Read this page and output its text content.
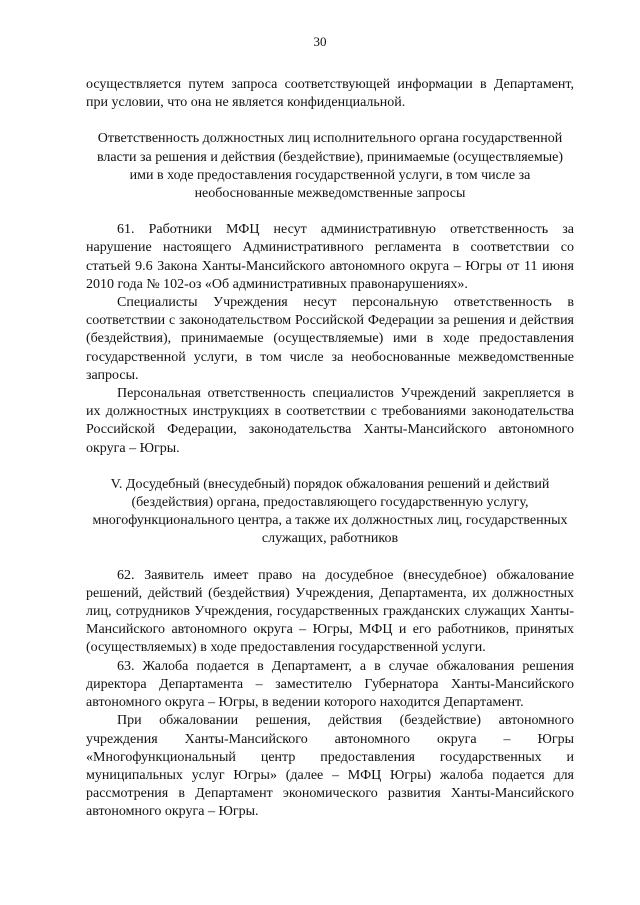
30

осуществляется путем запроса соответствующей информации в Департамент, при условии, что она не является конфиденциальной.

Ответственность должностных лиц исполнительного органа государственной власти за решения и действия (бездействие), принимаемые (осуществляемые) ими в ходе предоставления государственной услуги, в том числе за необоснованные межведомственные запросы

61. Работники МФЦ несут административную ответственность за нарушение настоящего Административного регламента в соответствии со статьей 9.6 Закона Ханты-Мансийского автономного округа – Югры от 11 июня 2010 года № 102-оз «Об административных правонарушениях».

Специалисты Учреждения несут персональную ответственность в соответствии с законодательством Российской Федерации за решения и действия (бездействия), принимаемые (осуществляемые) ими в ходе предоставления государственной услуги, в том числе за необоснованные межведомственные запросы.

Персональная ответственность специалистов Учреждений закрепляется в их должностных инструкциях в соответствии с требованиями законодательства Российской Федерации, законодательства Ханты-Мансийского автономного округа – Югры.

V. Досудебный (внесудебный) порядок обжалования решений и действий (бездействия) органа, предоставляющего государственную услугу, многофункционального центра, а также их должностных лиц, государственных служащих, работников

62. Заявитель имеет право на досудебное (внесудебное) обжалование решений, действий (бездействия) Учреждения, Департамента, их должностных лиц, сотрудников Учреждения, государственных гражданских служащих Ханты-Мансийского автономного округа – Югры, МФЦ и его работников, принятых (осуществляемых) в ходе предоставления государственной услуги.

63. Жалоба подается в Департамент, а в случае обжалования решения директора Департамента – заместителю Губернатора Ханты-Мансийского автономного округа – Югры, в ведении которого находится Департамент.

При обжаловании решения, действия (бездействие) автономного учреждения Ханты-Мансийского автономного округа – Югры «Многофункциональный центр предоставления государственных и муниципальных услуг Югры» (далее – МФЦ Югры) жалоба подается для рассмотрения в Департамент экономического развития Ханты-Мансийского автономного округа – Югры.
